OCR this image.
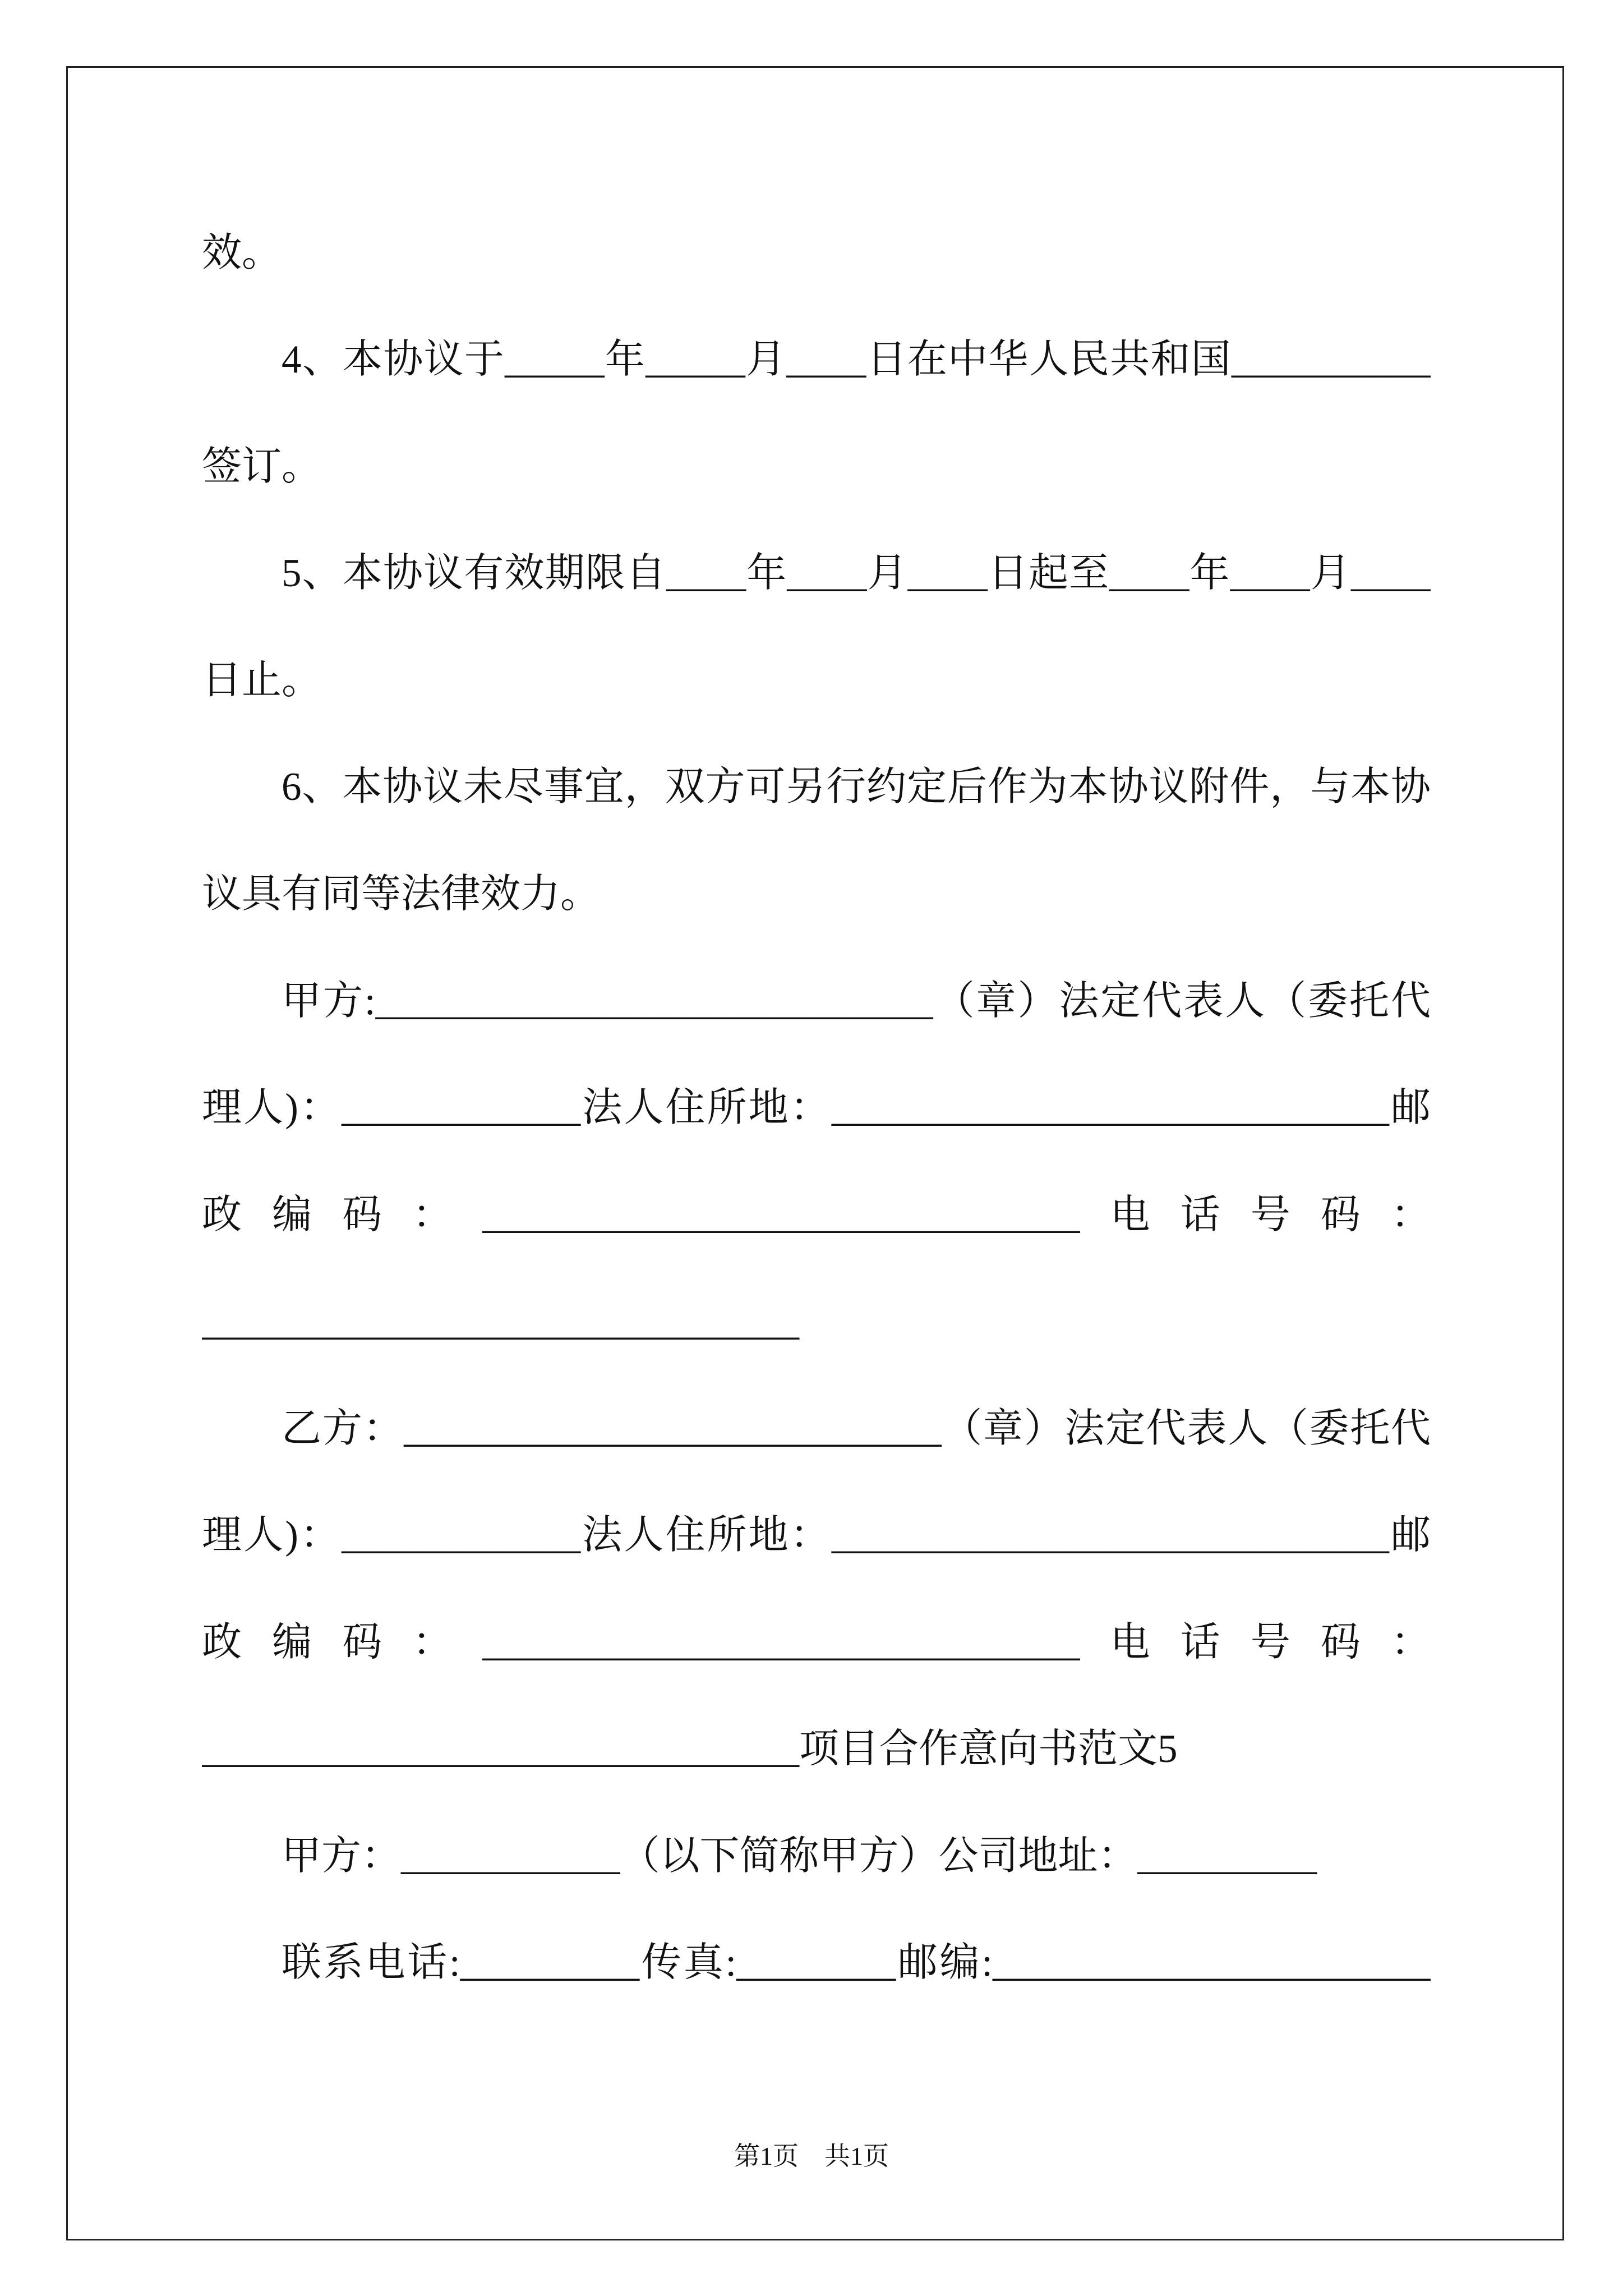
效。
4、本协议于_____年_____月____日在中华人民共和国__________
签订。
5、本协议有效期限自____年____月____日起至____年____月____
日止。
6、本协议未尽事宜，双方可另行约定后作为本协议附件，与本协
议具有同等法律效力。
甲方:____________________________（章）法定代表人（委托代
理人)：____________法人住所地：____________________________邮
政编码：______________________________电话号码：
______________________________
乙方：___________________________（章）法定代表人（委托代
理人)：____________法人住所地：____________________________邮
政编码：______________________________电话号码：
______________________________项目合作意向书范文5
甲方：___________（以下简称甲方）公司地址：_________
联系电话:_________传真:________邮编:______________________
第1页　共1页
